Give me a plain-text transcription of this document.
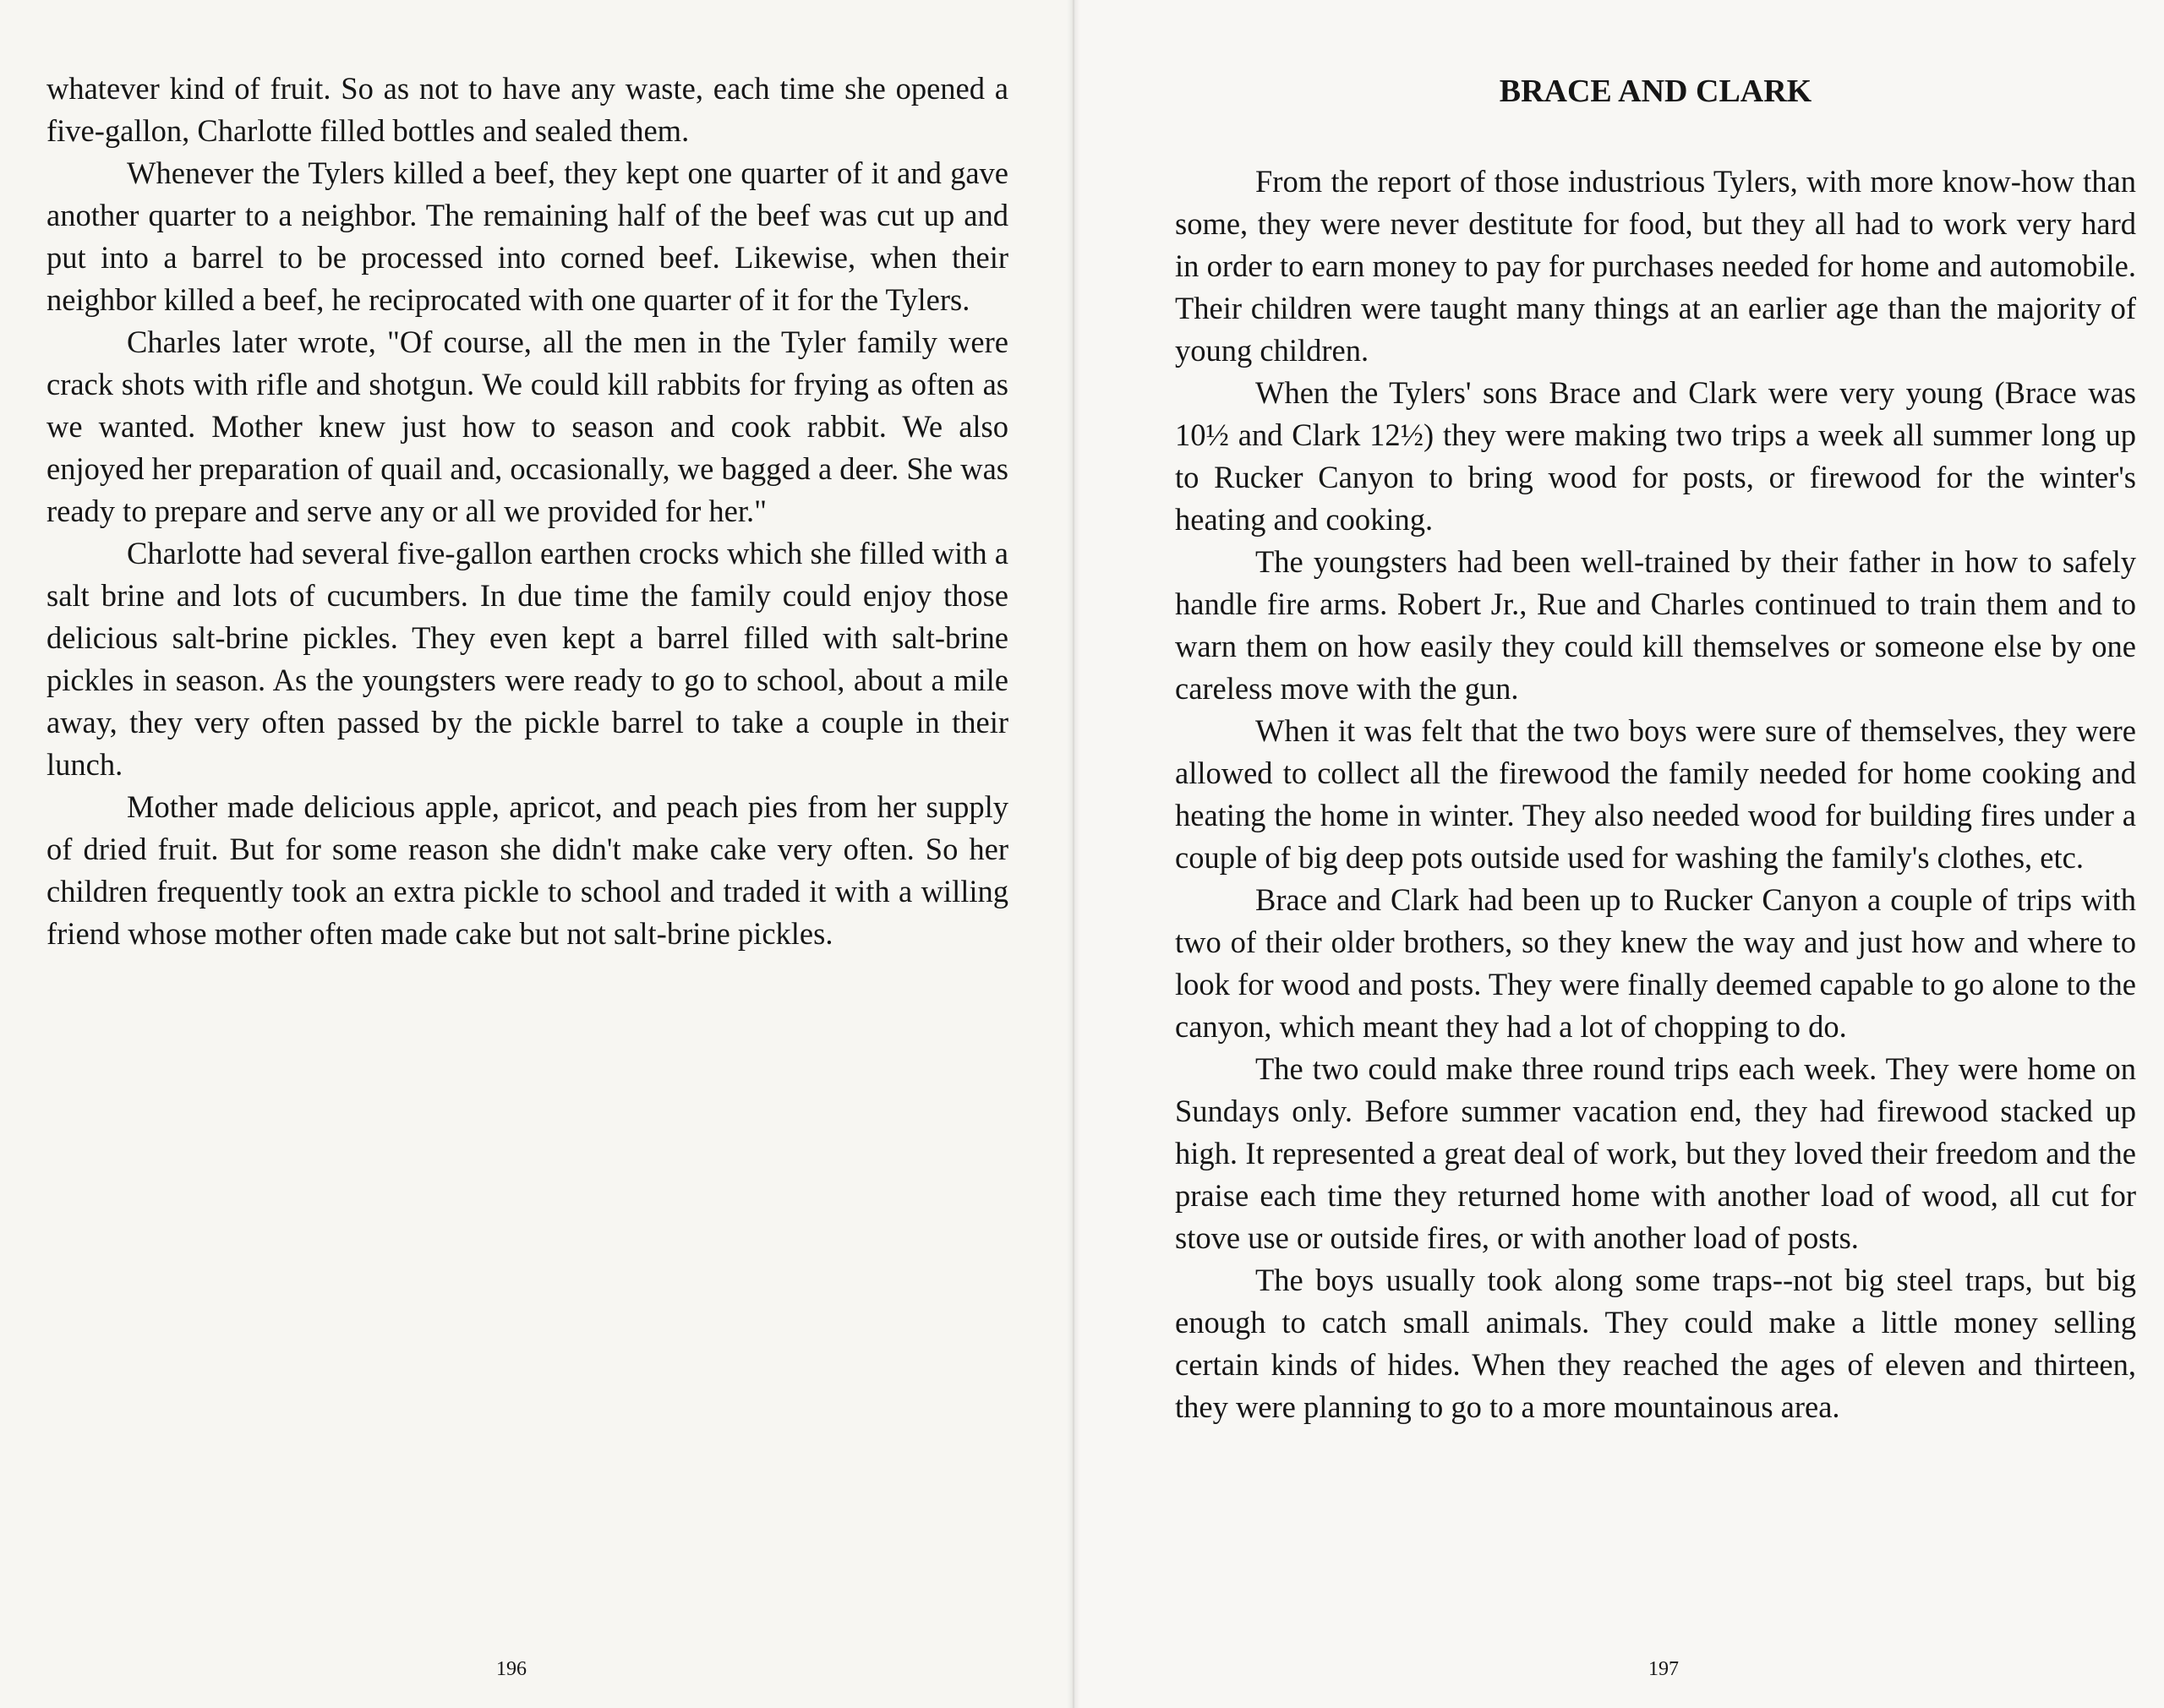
whatever kind of fruit. So as not to have any waste, each time she opened a five-gallon, Charlotte filled bottles and sealed them.

Whenever the Tylers killed a beef, they kept one quarter of it and gave another quarter to a neighbor. The remaining half of the beef was cut up and put into a barrel to be processed into corned beef. Likewise, when their neighbor killed a beef, he reciprocated with one quarter of it for the Tylers.

Charles later wrote, "Of course, all the men in the Tyler family were crack shots with rifle and shotgun. We could kill rabbits for frying as often as we wanted. Mother knew just how to season and cook rabbit. We also enjoyed her preparation of quail and, occasionally, we bagged a deer. She was ready to prepare and serve any or all we provided for her."

Charlotte had several five-gallon earthen crocks which she filled with a salt brine and lots of cucumbers. In due time the family could enjoy those delicious salt-brine pickles. They even kept a barrel filled with salt-brine pickles in season. As the youngsters were ready to go to school, about a mile away, they very often passed by the pickle barrel to take a couple in their lunch.

Mother made delicious apple, apricot, and peach pies from her supply of dried fruit. But for some reason she didn't make cake very often. So her children frequently took an extra pickle to school and traded it with a willing friend whose mother often made cake but not salt-brine pickles.

196
BRACE AND CLARK

From the report of those industrious Tylers, with more know-how than some, they were never destitute for food, but they all had to work very hard in order to earn money to pay for purchases needed for home and automobile. Their children were taught many things at an earlier age than the majority of young children.

When the Tylers' sons Brace and Clark were very young (Brace was 10½ and Clark 12½) they were making two trips a week all summer long up to Rucker Canyon to bring wood for posts, or firewood for the winter's heating and cooking.

The youngsters had been well-trained by their father in how to safely handle fire arms. Robert Jr., Rue and Charles continued to train them and to warn them on how easily they could kill themselves or someone else by one careless move with the gun.

When it was felt that the two boys were sure of themselves, they were allowed to collect all the firewood the family needed for home cooking and heating the home in winter. They also needed wood for building fires under a couple of big deep pots outside used for washing the family's clothes, etc.

Brace and Clark had been up to Rucker Canyon a couple of trips with two of their older brothers, so they knew the way and just how and where to look for wood and posts. They were finally deemed capable to go alone to the canyon, which meant they had a lot of chopping to do.

The two could make three round trips each week. They were home on Sundays only. Before summer vacation end, they had firewood stacked up high. It represented a great deal of work, but they loved their freedom and the praise each time they returned home with another load of wood, all cut for stove use or outside fires, or with another load of posts.

The boys usually took along some traps--not big steel traps, but big enough to catch small animals. They could make a little money selling certain kinds of hides. When they reached the ages of eleven and thirteen, they were planning to go to a more mountainous area.

197
